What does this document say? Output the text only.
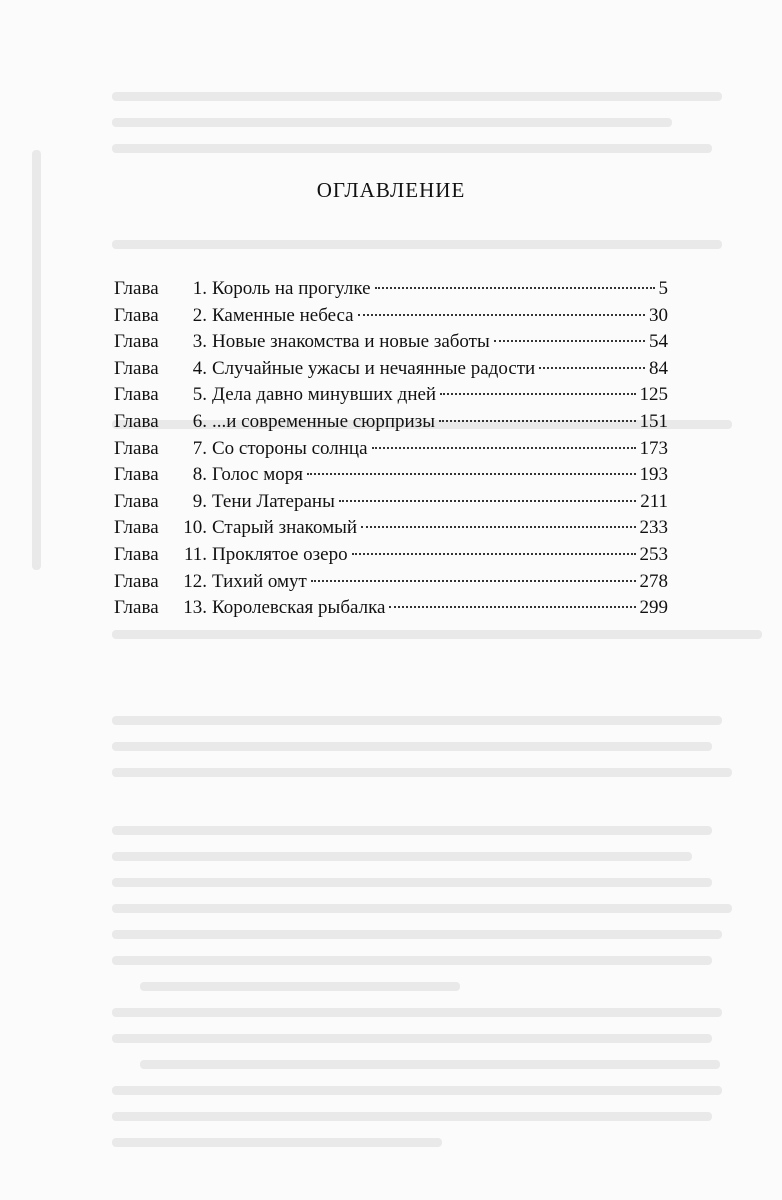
ОГЛАВЛЕНИЕ
Глава	1. Король на прогулке	5
Глава	2. Каменные небеса	30
Глава	3. Новые знакомства и новые заботы	54
Глава	4. Случайные ужасы и нечаянные радости	84
Глава	5. Дела давно минувших дней	125
Глава	6. ...и современные сюрпризы	151
Глава	7. Со стороны солнца	173
Глава	8. Голос моря	193
Глава	9. Тени Латераны	211
Глава	10. Старый знакомый	233
Глава	11. Проклятое озеро	253
Глава	12. Тихий омут	278
Глава	13. Королевская рыбалка	299
